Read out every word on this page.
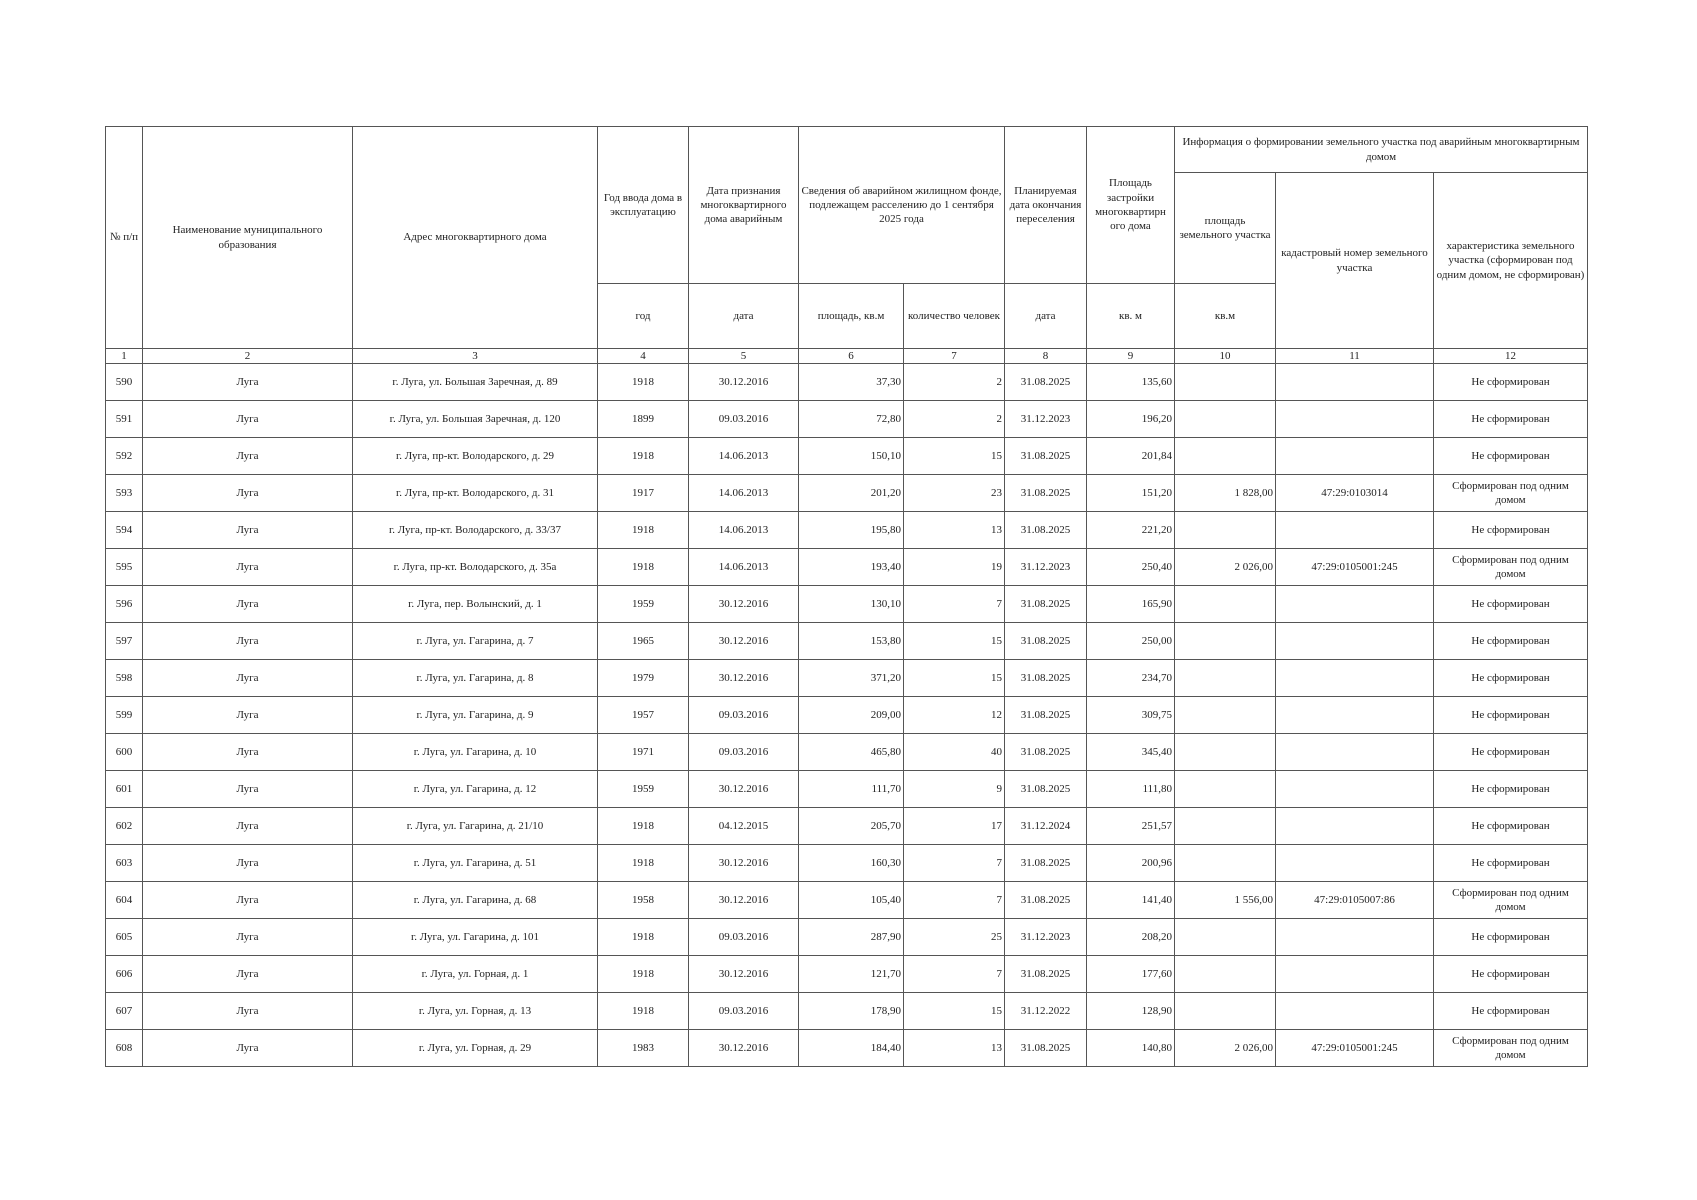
№ п/п	Наименование муниципального образования	Адрес многоквартирного дома	Год ввода дома в эксплуатацию	Дата признания многоквартирного дома аварийным	Сведения об аварийном жилищном фонде, подлежащем расселению до 1 сентября 2025 года		Планируемая дата окончания переселения	Площадь застройки многоквартирн ого дома	Информация о формировании земельного участка под аварийным многоквартирным домом		
									площадь земельного участка	кадастровый номер земельного участка	характеристика земельного участка (сформирован под одним домом, не сформирован)
			год	дата	площадь, кв.м	количество человек	дата	кв. м	кв.м		
1	2	3	4	5	6	7	8	9	10	11	12
590	Луга	г. Луга, ул. Большая Заречная, д. 89	1918	30.12.2016	37,30	2	31.08.2025	135,60			Не сформирован
591	Луга	г. Луга, ул. Большая Заречная, д. 120	1899	09.03.2016	72,80	2	31.12.2023	196,20			Не сформирован
592	Луга	г. Луга, пр-кт. Володарского, д. 29	1918	14.06.2013	150,10	15	31.08.2025	201,84			Не сформирован
593	Луга	г. Луга, пр-кт. Володарского, д. 31	1917	14.06.2013	201,20	23	31.08.2025	151,20	1 828,00	47:29:0103014	Сформирован под одним домом
594	Луга	г. Луга, пр-кт. Володарского, д. 33/37	1918	14.06.2013	195,80	13	31.08.2025	221,20			Не сформирован
595	Луга	г. Луга, пр-кт. Володарского, д. 35а	1918	14.06.2013	193,40	19	31.12.2023	250,40	2 026,00	47:29:0105001:245	Сформирован под одним домом
596	Луга	г. Луга, пер. Волынский, д. 1	1959	30.12.2016	130,10	7	31.08.2025	165,90			Не сформирован
597	Луга	г. Луга, ул. Гагарина, д. 7	1965	30.12.2016	153,80	15	31.08.2025	250,00			Не сформирован
598	Луга	г. Луга, ул. Гагарина, д. 8	1979	30.12.2016	371,20	15	31.08.2025	234,70			Не сформирован
599	Луга	г. Луга, ул. Гагарина, д. 9	1957	09.03.2016	209,00	12	31.08.2025	309,75			Не сформирован
600	Луга	г. Луга, ул. Гагарина, д. 10	1971	09.03.2016	465,80	40	31.08.2025	345,40			Не сформирован
601	Луга	г. Луга, ул. Гагарина, д. 12	1959	30.12.2016	111,70	9	31.08.2025	111,80			Не сформирован
602	Луга	г. Луга, ул. Гагарина, д. 21/10	1918	04.12.2015	205,70	17	31.12.2024	251,57			Не сформирован
603	Луга	г. Луга, ул. Гагарина, д. 51	1918	30.12.2016	160,30	7	31.08.2025	200,96			Не сформирован
604	Луга	г. Луга, ул. Гагарина, д. 68	1958	30.12.2016	105,40	7	31.08.2025	141,40	1 556,00	47:29:0105007:86	Сформирован под одним домом
605	Луга	г. Луга, ул. Гагарина, д. 101	1918	09.03.2016	287,90	25	31.12.2023	208,20			Не сформирован
606	Луга	г. Луга, ул. Горная, д. 1	1918	30.12.2016	121,70	7	31.08.2025	177,60			Не сформирован
607	Луга	г. Луга, ул. Горная, д. 13	1918	09.03.2016	178,90	15	31.12.2022	128,90			Не сформирован
608	Луга	г. Луга, ул. Горная, д. 29	1983	30.12.2016	184,40	13	31.08.2025	140,80	2 026,00	47:29:0105001:245	Сформирован под одним домом
